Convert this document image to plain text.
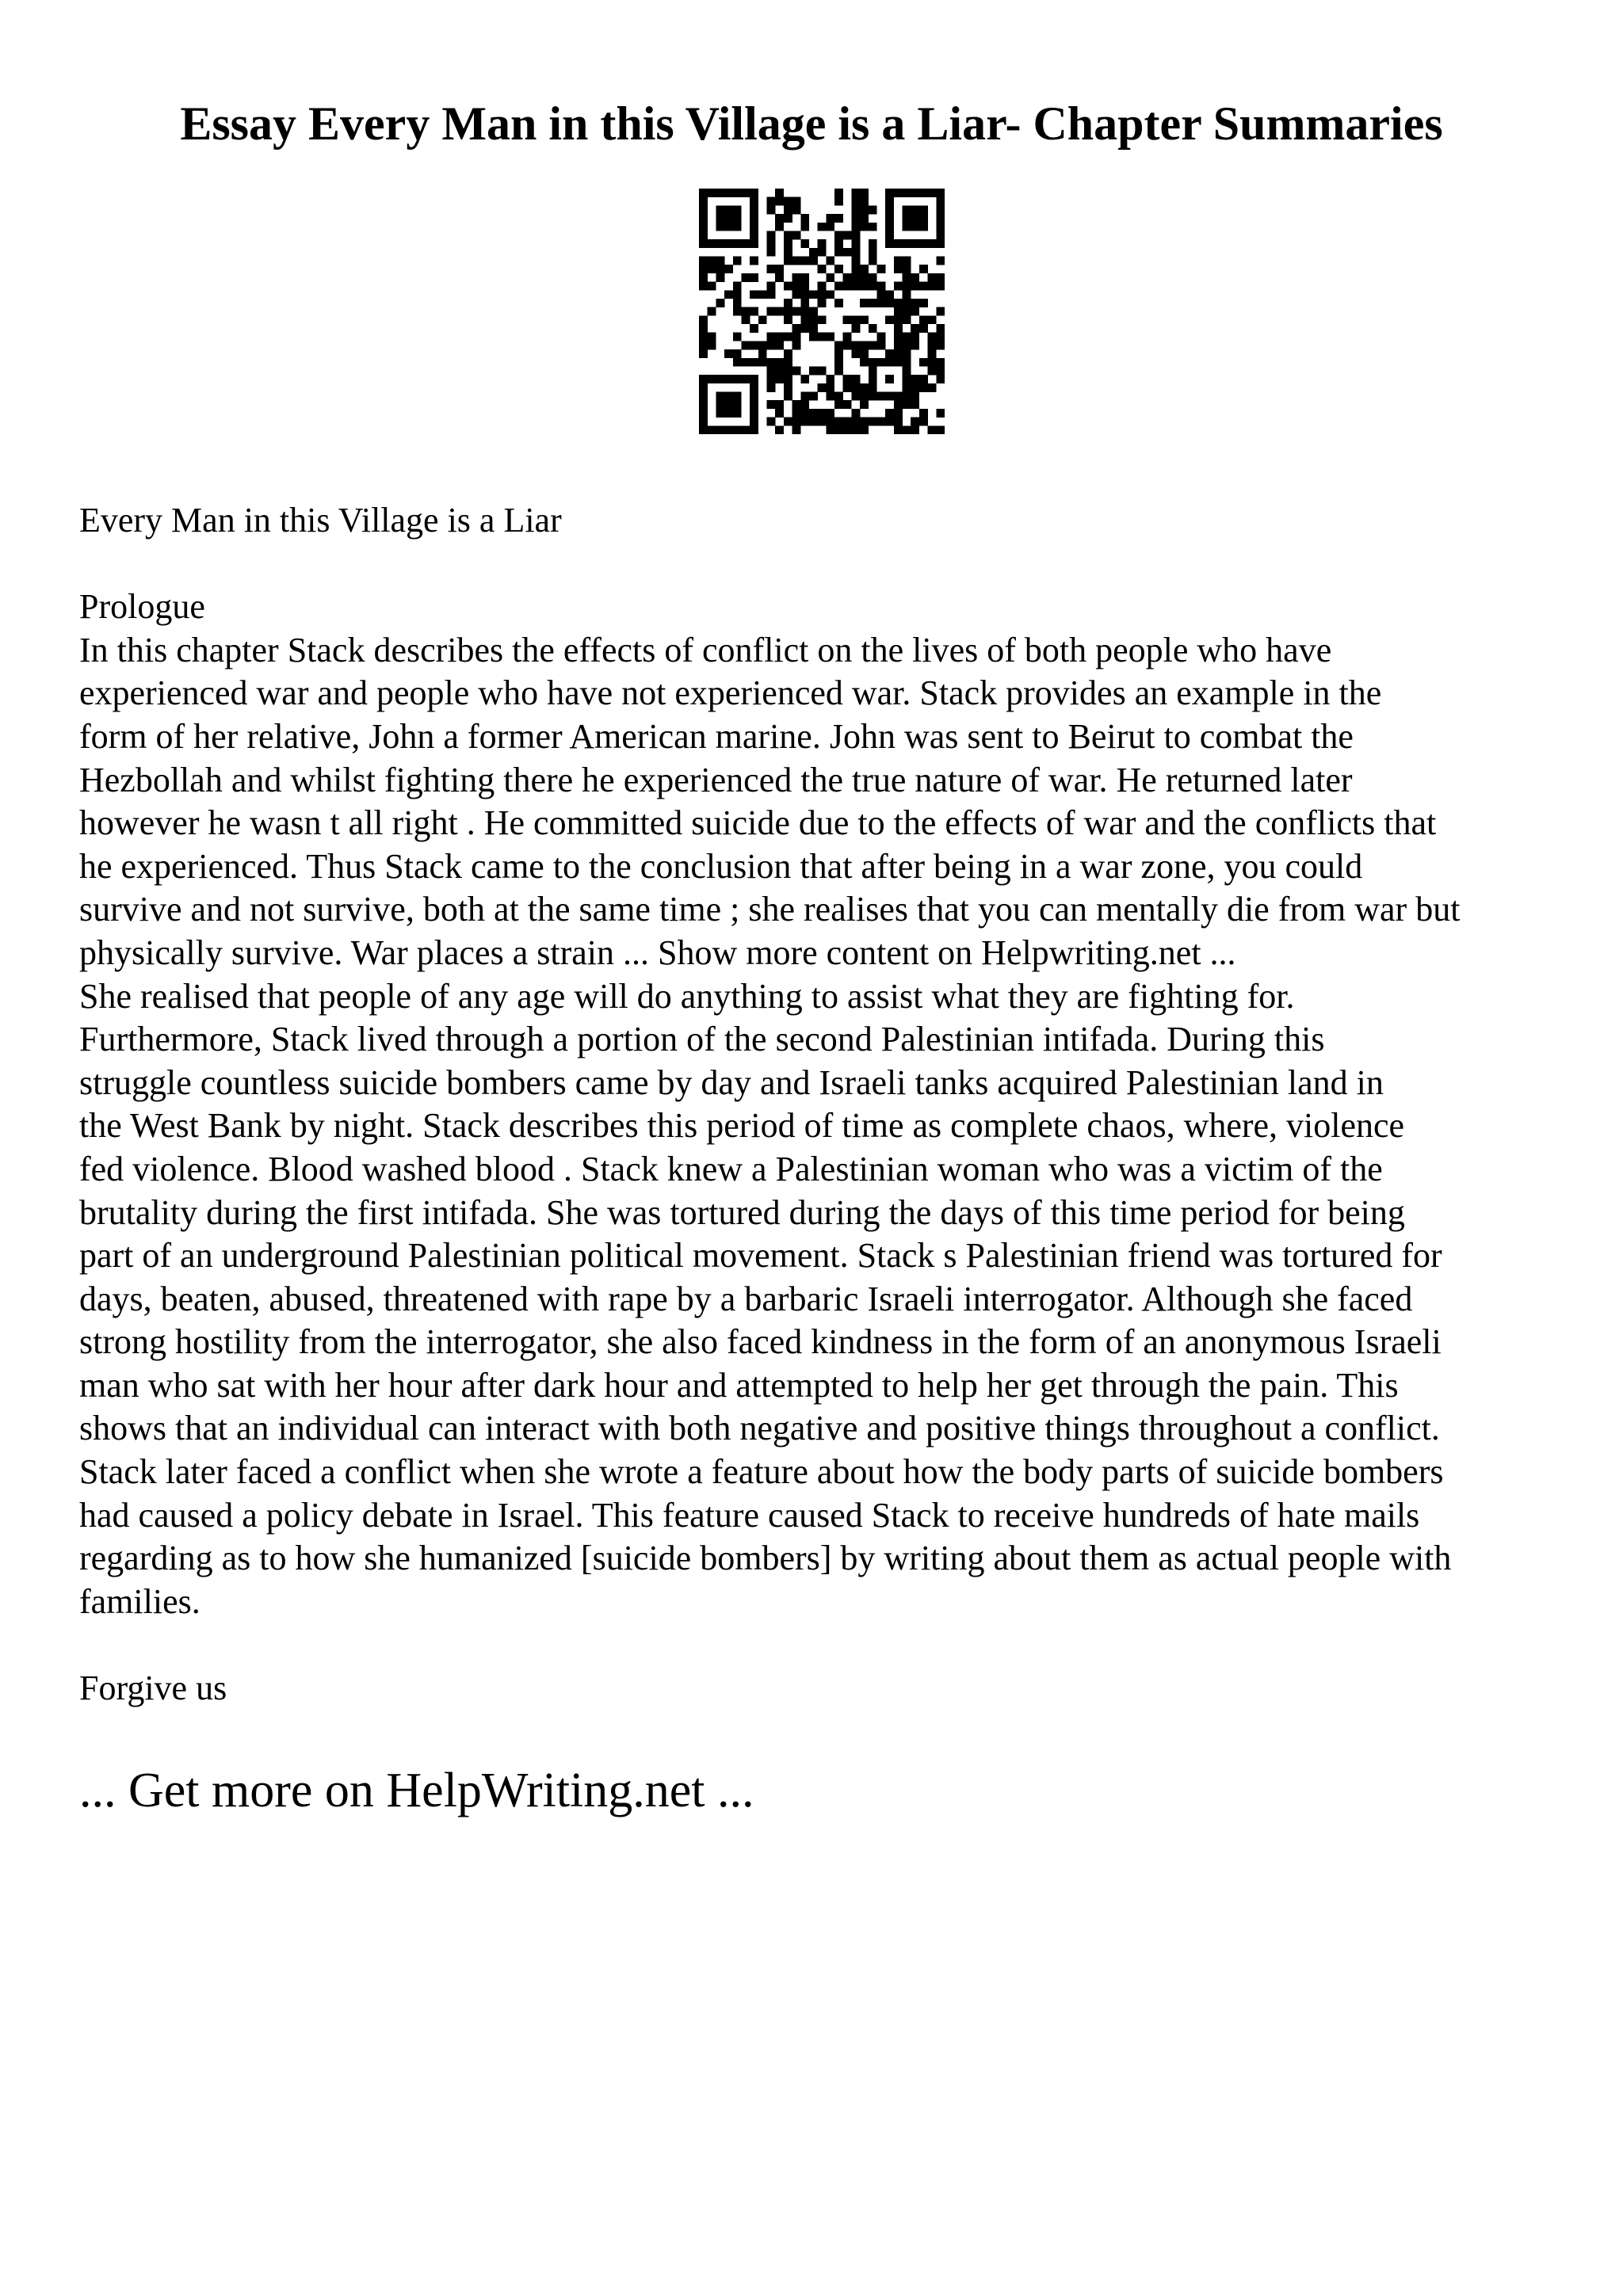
Essay Every Man in this Village is a Liar- Chapter Summaries

Every Man in this Village is a Liar

Prologue

In this chapter Stack describes the effects of conflict on the lives of both people who have
experienced war and people who have not experienced war. Stack provides an example in the
form of her relative, John a former American marine. John was sent to Beirut to combat the
Hezbollah and whilst fighting there he experienced the true nature of war. He returned later
however he wasn t all right . He committed suicide due to the effects of war and the conflicts that
he experienced. Thus Stack came to the conclusion that after being in a war zone, you could
survive and not survive, both at the same time ; she realises that you can mentally die from war but
physically survive. War places a strain ... Show more content on Helpwriting.net ...
She realised that people of any age will do anything to assist what they are fighting for.
Furthermore, Stack lived through a portion of the second Palestinian intifada. During this
struggle countless suicide bombers came by day and Israeli tanks acquired Palestinian land in
the West Bank by night. Stack describes this period of time as complete chaos, where, violence
fed violence. Blood washed blood . Stack knew a Palestinian woman who was a victim of the
brutality during the first intifada. She was tortured during the days of this time period for being
part of an underground Palestinian political movement. Stack s Palestinian friend was tortured for
days, beaten, abused, threatened with rape by a barbaric Israeli interrogator. Although she faced
strong hostility from the interrogator, she also faced kindness in the form of an anonymous Israeli
man who sat with her hour after dark hour and attempted to help her get through the pain. This
shows that an individual can interact with both negative and positive things throughout a conflict.
Stack later faced a conflict when she wrote a feature about how the body parts of suicide bombers
had caused a policy debate in Israel. This feature caused Stack to receive hundreds of hate mails
regarding as to how she humanized [suicide bombers] by writing about them as actual people with
families.

Forgive us

... Get more on HelpWriting.net ...
